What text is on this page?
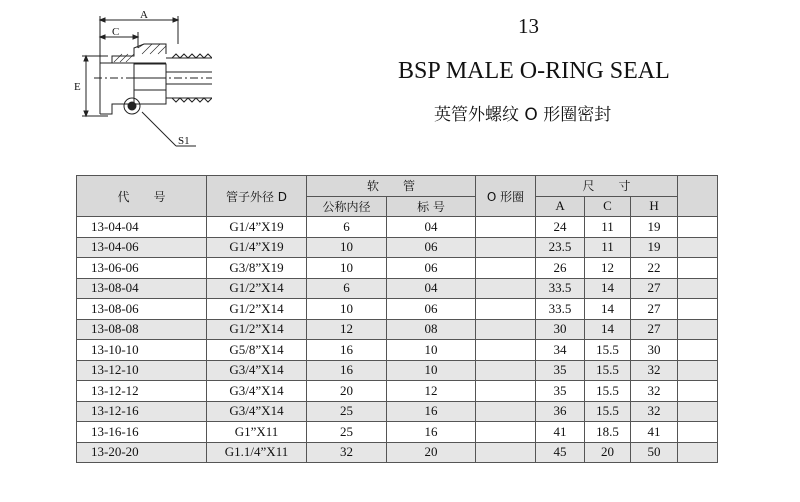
A
C
E
S1
13
BSP MALE O-RING SEAL
英管外螺纹 O 形圈密封
代　　号	管子外径 D	软　　管		O 形圈	尺　　寸			
		公称内径	标 号		A	C	H	
13-04-04	G1/4”X19	6	04		24	11	19	
13-04-06	G1/4”X19	10	06		23.5	11	19	
13-06-06	G3/8”X19	10	06		26	12	22	
13-08-04	G1/2”X14	6	04		33.5	14	27	
13-08-06	G1/2”X14	10	06		33.5	14	27	
13-08-08	G1/2”X14	12	08		30	14	27	
13-10-10	G5/8”X14	16	10		34	15.5	30	
13-12-10	G3/4”X14	16	10		35	15.5	32	
13-12-12	G3/4”X14	20	12		35	15.5	32	
13-12-16	G3/4”X14	25	16		36	15.5	32	
13-16-16	G1”X11	25	16		41	18.5	41	
13-20-20	G1.1/4”X11	32	20		45	20	50	
